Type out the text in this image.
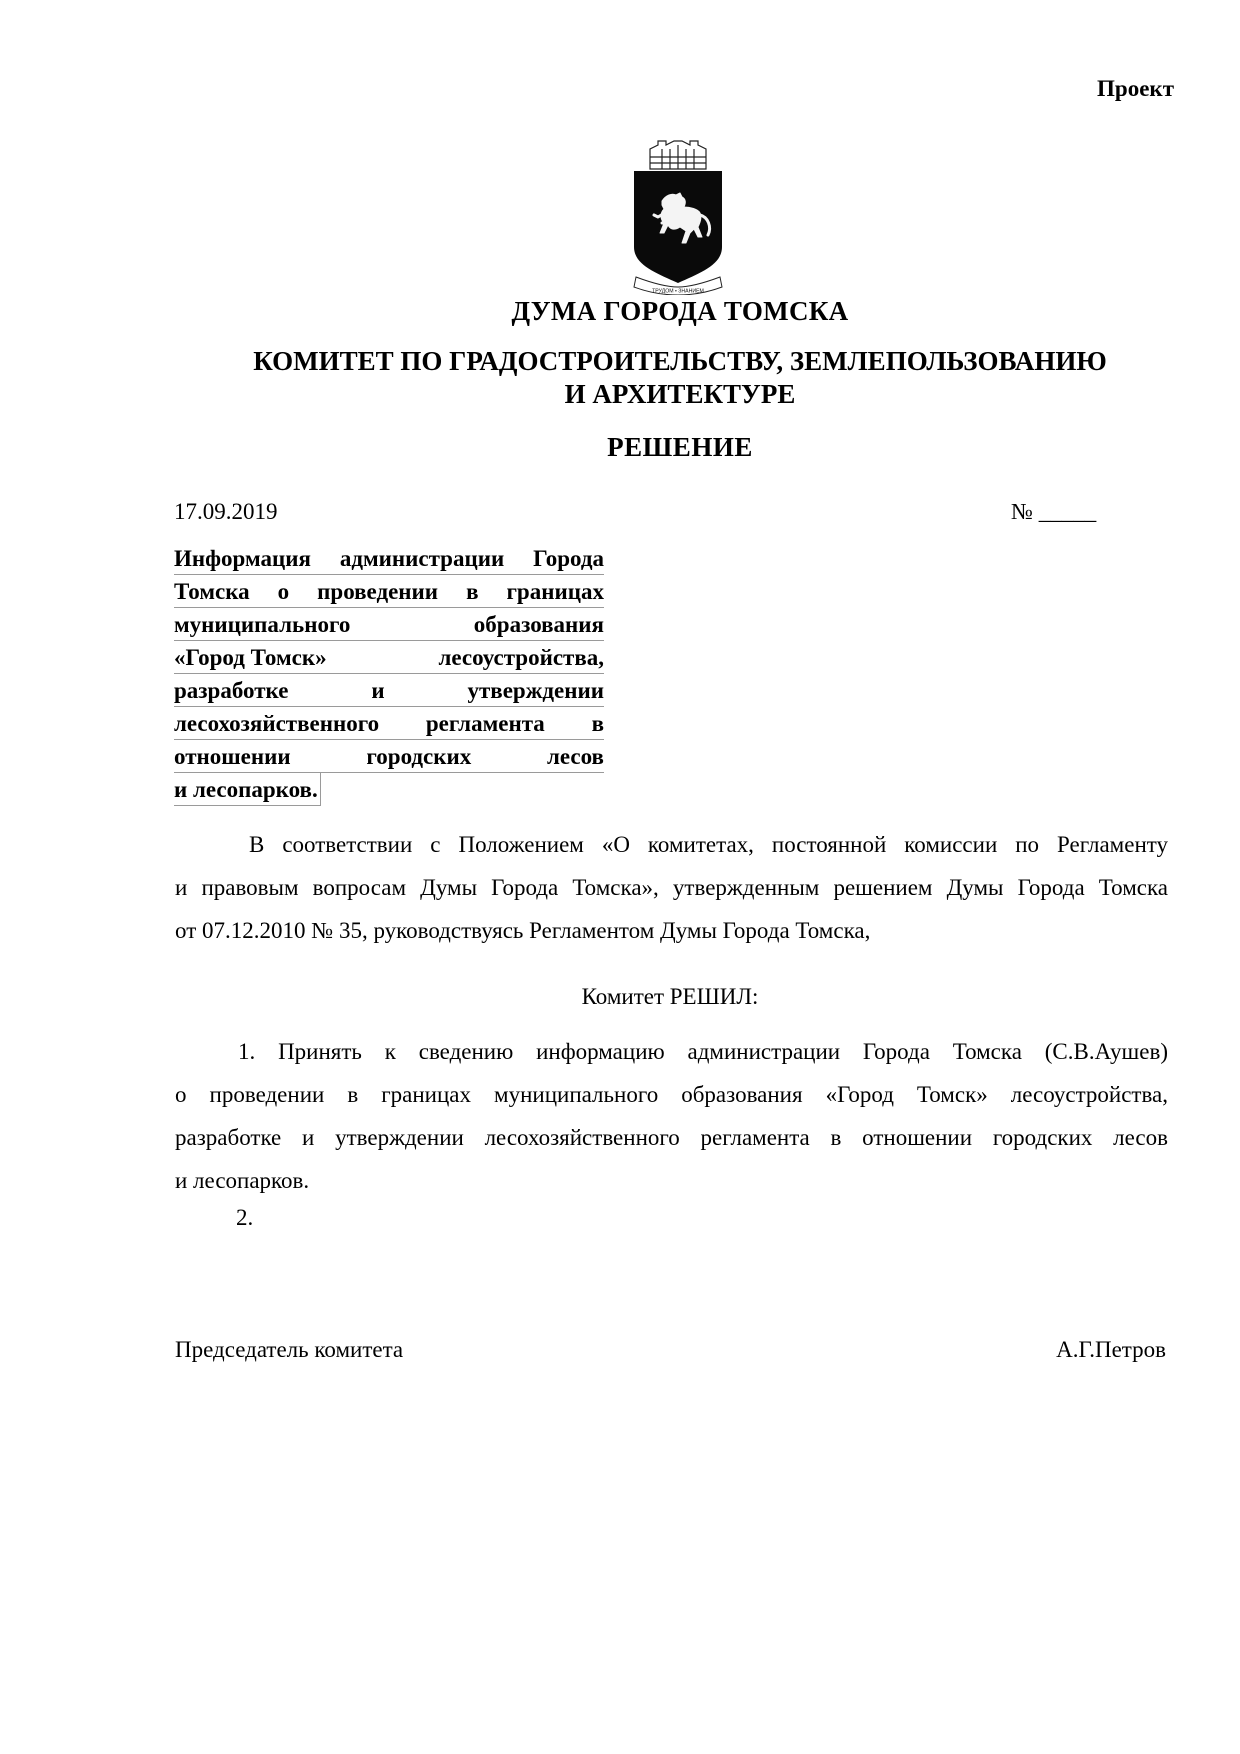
Проект
ТРУДОМ • ЗНАНИЕМ
ДУМА ГОРОДА ТОМСКА
КОМИТЕТ ПО ГРАДОСТРОИТЕЛЬСТВУ, ЗЕМЛЕПОЛЬЗОВАНИЮ
И АРХИТЕКТУРЕ
РЕШЕНИЕ
17.09.2019	№ _____
Информация администрации Города
Томска о проведении в границах
муниципального	образования
«Город Томск»	лесоустройства,
разработке	и	утверждении
лесохозяйственного регламента в
отношении	городских	лесов
и лесопарков.
В соответствии с Положением «О комитетах, постоянной комиссии по Регламенту
и правовым вопросам Думы Города Томска», утвержденным решением Думы Города Томска
от 07.12.2010 № 35, руководствуясь Регламентом Думы Города Томска,
Комитет РЕШИЛ:
1. Принять к сведению информацию администрации Города Томска (С.В.Аушев)
о проведении в границах муниципального образования «Город Томск» лесоустройства,
разработке и утверждении лесохозяйственного регламента в отношении городских лесов
и лесопарков.
2.
Председатель комитета	А.Г.Петров
